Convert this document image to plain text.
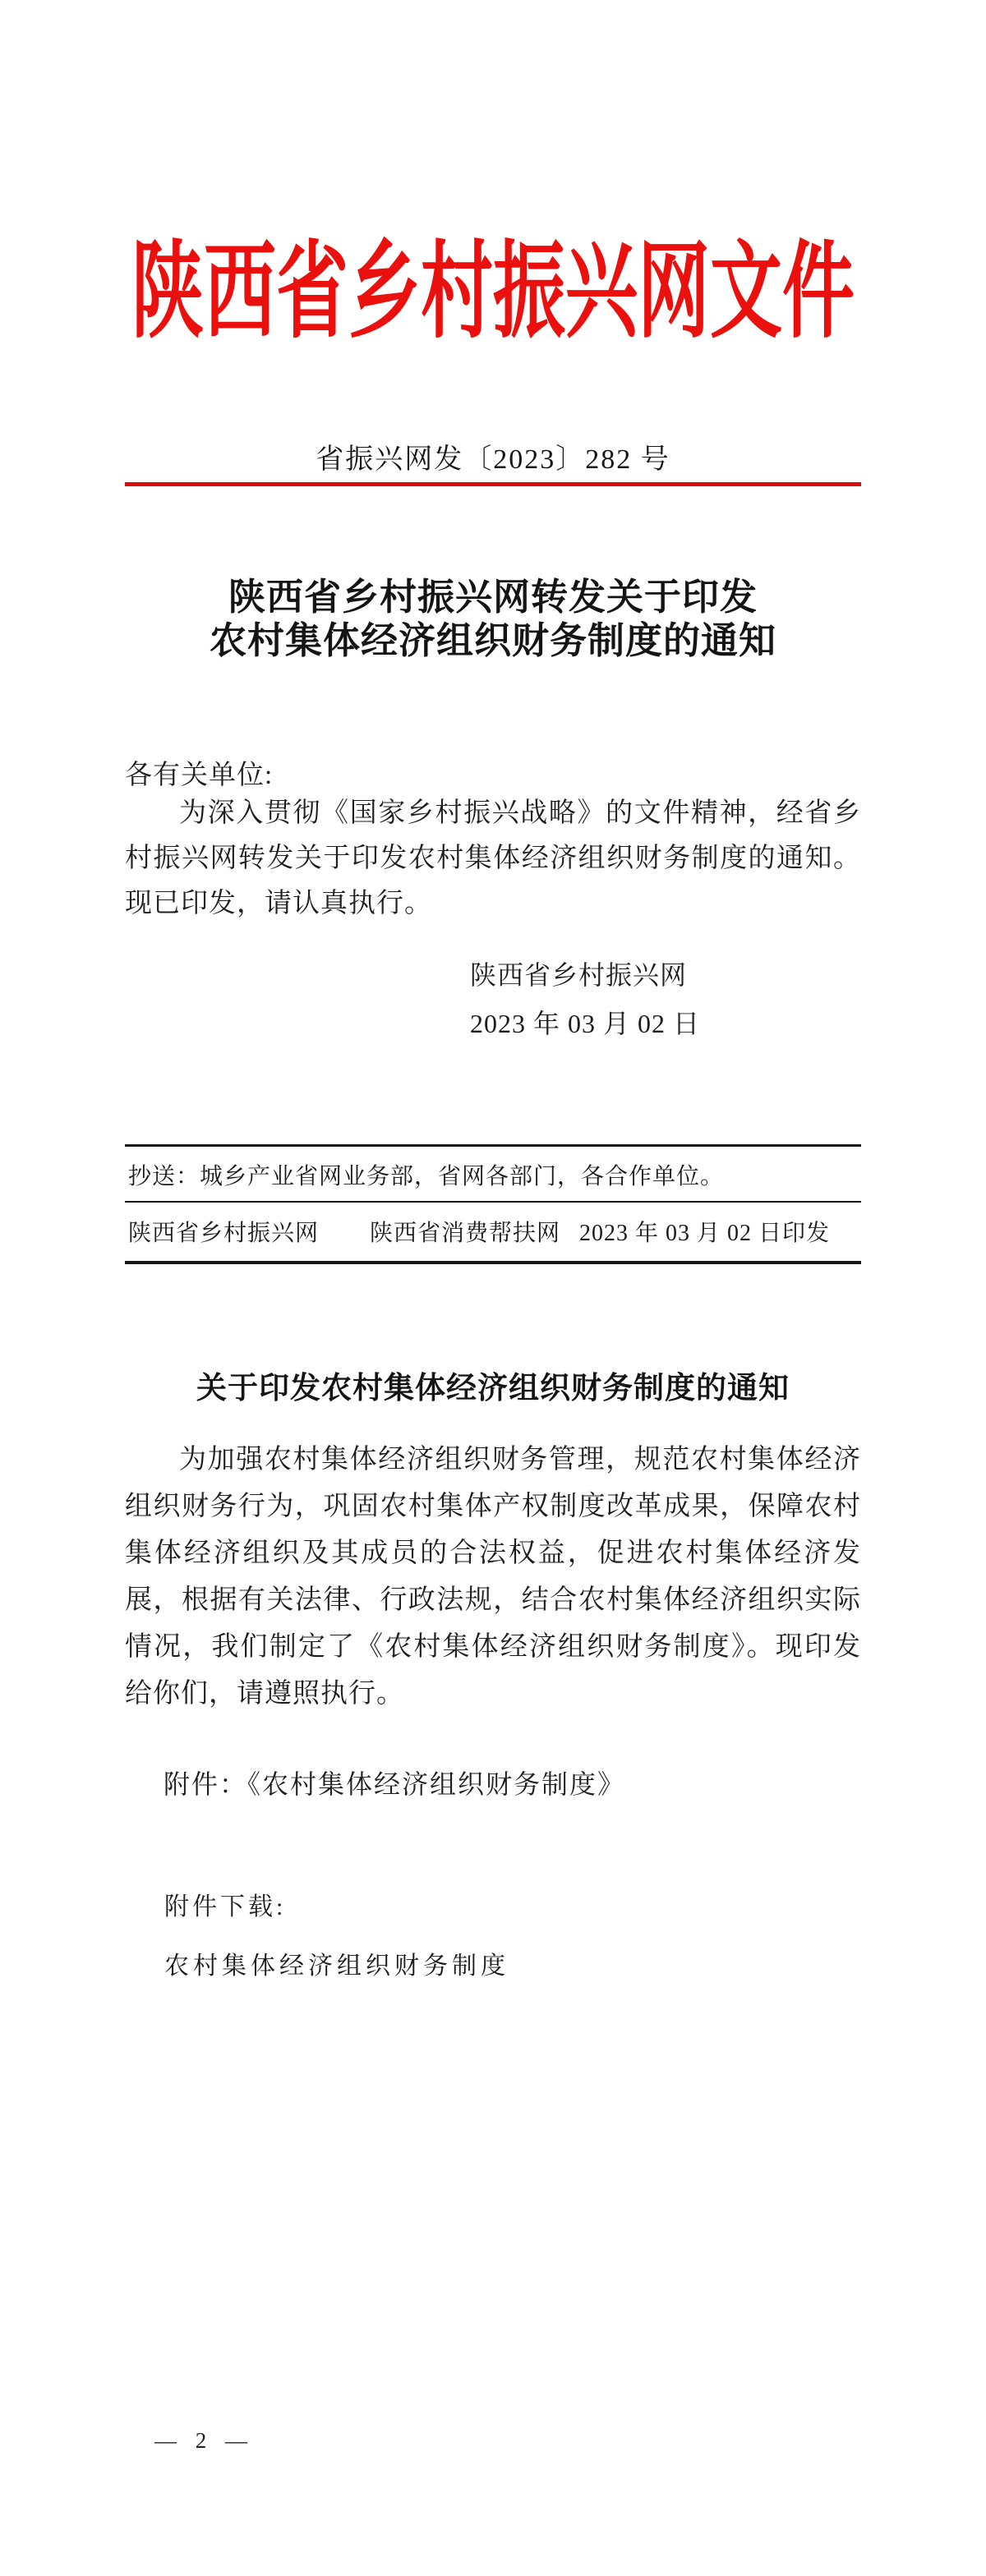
陕西省乡村振兴网文件
省振兴网发〔2023〕282 号
陕西省乡村振兴网转发关于印发
农村集体经济组织财务制度的通知
各有关单位:

为深入贯彻《国家乡村振兴战略》的文件精神，经省乡村振兴网转发关于印发农村集体经济组织财务制度的通知。现已印发，请认真执行。

陕西省乡村振兴网
2023 年 03 月 02 日
抄送：城乡产业省网业务部，省网各部门，各合作单位。
陕西省乡村振兴网 陕西省消费帮扶网 2023 年 03 月 02 日印发
关于印发农村集体经济组织财务制度的通知

为加强农村集体经济组织财务管理，规范农村集体经济组织财务行为，巩固农村集体产权制度改革成果，保障农村集体经济组织及其成员的合法权益，促进农村集体经济发展，根据有关法律、行政法规，结合农村集体经济组织实际情况，我们制定了《农村集体经济组织财务制度》。现印发给你们，请遵照执行。

附件：《农村集体经济组织财务制度》
附件下载:
农村集体经济组织财务制度
— 2 —
